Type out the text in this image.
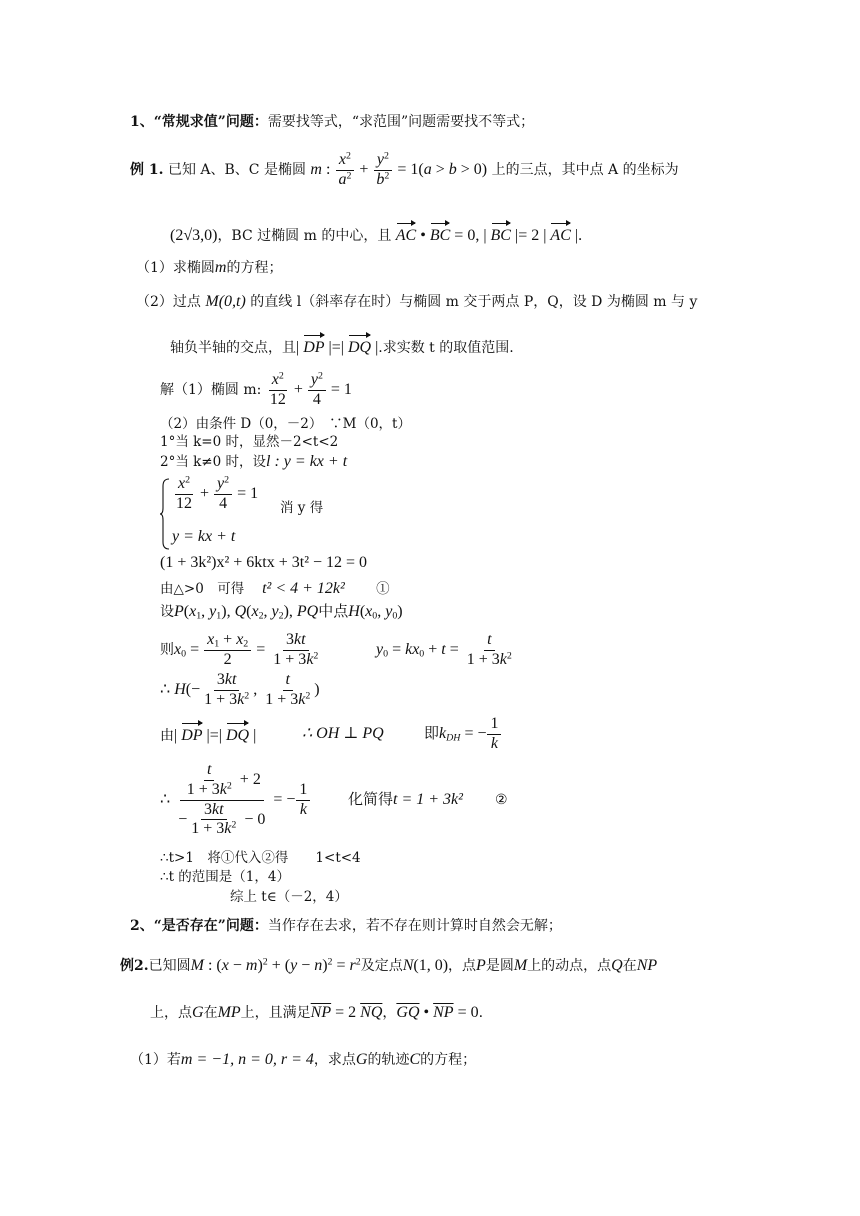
1、“常规求值”问题：需要找等式，“求范围”问题需要找不等式；
例 1. 已知 A、B、C 是椭圆 m : $\frac{x^2}{a^2} + \frac{y^2}{b^2} = 1(a > b > 0)$ 上的三点，其中点 A 的坐标为
(2√3,0)，BC 过椭圆 m 的中心，且 AC • BC = 0, | BC |= 2 | AC |.
（1）求椭圆m的方程；
（2）过点 M(0,t) 的直线 l（斜率存在时）与椭圆 m 交于两点 P，Q，设 D 为椭圆 m 与 y
轴负半轴的交点，且| DP |=| DQ |.求实数 t 的取值范围.
解（1）椭圆 m: $\frac{x^2}{12} + \frac{y^2}{4} = 1$
（2）由条件 D（0，－2）　∵M（0，t）
1°当 k=0 时，显然－2<t<2
2°当 k≠0 时，设l : y = kx + t
$\frac{x^2}{12} + \frac{y^2}{4} = 1$
消 y 得
y = kx + t
(1 + 3k²)x² + 6ktx + 3t² − 12 = 0
由△>0　可得　 t² < 4 + 12k²　　 ①
设$P(x_1$, $y_1$), $Q(x_2$, $y_2$), PQ中点$H(x_0$, $y_0$)
则$x_0 = \frac{x_1 + x_2}{2} = \frac{3kt}{1 + 3k^2}$	$y_0 = kx_0 + t = \frac{t}{1 + 3k^2}$
∴ $H(- \frac{3kt}{1 + 3k^2}$ , $\frac{t}{1 + 3k^2}$ )
由| DP |=| DQ |	∴ OH ⊥ PQ	即$k_{DH}$ = − $\frac{1}{k}$
∴ $\frac{\frac{t}{1 + 3k^2} + 2}{- \frac{3kt}{1 + 3k^2} - 0}$ = − $\frac{1}{k}$	化简得t = 1 + 3k²　　 ②
∴t>1　将①代入②得　　1<t<4
∴t 的范围是（1，4）
综上 t∈（－2，4）
2、“是否存在”问题：当作存在去求，若不存在则计算时自然会无解；
例2.已知圆M : $(x - m)^2 + (y - n)^2 = r^2$及定点N(1, 0)，点P是圆M上的动点，点Q在NP
上，点G在MP上，且满足$\overline{NP} = 2$ $\overline{NQ}$，$\overline{GQ}$ • $\overline{NP} = 0$.
（1）若m = −1, n = 0, r = 4，求点G的轨迹C的方程；
